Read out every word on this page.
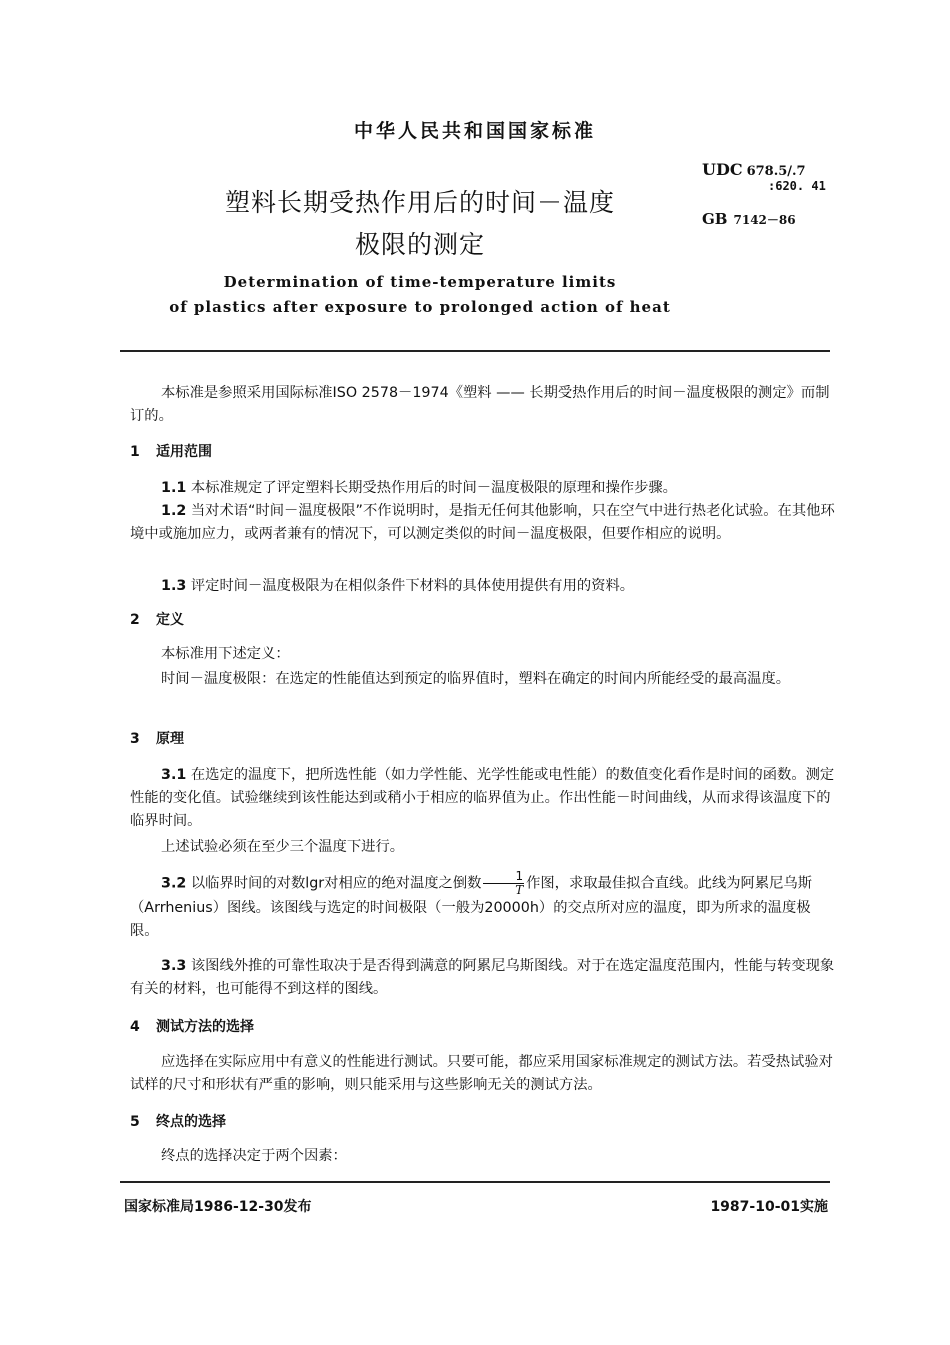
中华人民共和国国家标准
塑料长期受热作用后的时间－温度
极限的测定
Determination of time-temperature limits
of plastics after exposure to prolonged action of heat
UDC 678.5/.7
:620. 41
GB 7142－86
本标准是参照采用国际标准ISO 2578－1974《塑料 —— 长期受热作用后的时间－温度极限的测定》而制订的。
1 适用范围
1.1 本标准规定了评定塑料长期受热作用后的时间－温度极限的原理和操作步骤。
1.2 当对术语“时间－温度极限”不作说明时，是指无任何其他影响，只在空气中进行热老化试验。在其他环境中或施加应力，或两者兼有的情况下，可以测定类似的时间－温度极限，但要作相应的说明。
1.3 评定时间－温度极限为在相似条件下材料的具体使用提供有用的资料。
2 定义
本标准用下述定义：
时间－温度极限：在选定的性能值达到预定的临界值时，塑料在确定的时间内所能经受的最高温度。
3 原理
3.1 在选定的温度下，把所选性能（如力学性能、光学性能或电性能）的数值变化看作是时间的函数。测定性能的变化值。试验继续到该性能达到或稍小于相应的临界值为止。作出性能－时间曲线，从而求得该温度下的临界时间。
上述试验必须在至少三个温度下进行。
3.2 以临界时间的对数lgr对相应的绝对温度之倒数 $\frac{1}{T}$ 作图，求取最佳拟合直线。此线为阿累尼乌斯（Arrhenius）图线。该图线与选定的时间极限（一般为20000h）的交点所对应的温度，即为所求的温度极限。
3.3 该图线外推的可靠性取决于是否得到满意的阿累尼乌斯图线。对于在选定温度范围内，性能与转变现象有关的材料，也可能得不到这样的图线。
4 测试方法的选择
应选择在实际应用中有意义的性能进行测试。只要可能，都应采用国家标准规定的测试方法。若受热试验对试样的尺寸和形状有严重的影响，则只能采用与这些影响无关的测试方法。
5 终点的选择
终点的选择决定于两个因素：
国家标准局1986-12-30发布	1987-10-01实施
